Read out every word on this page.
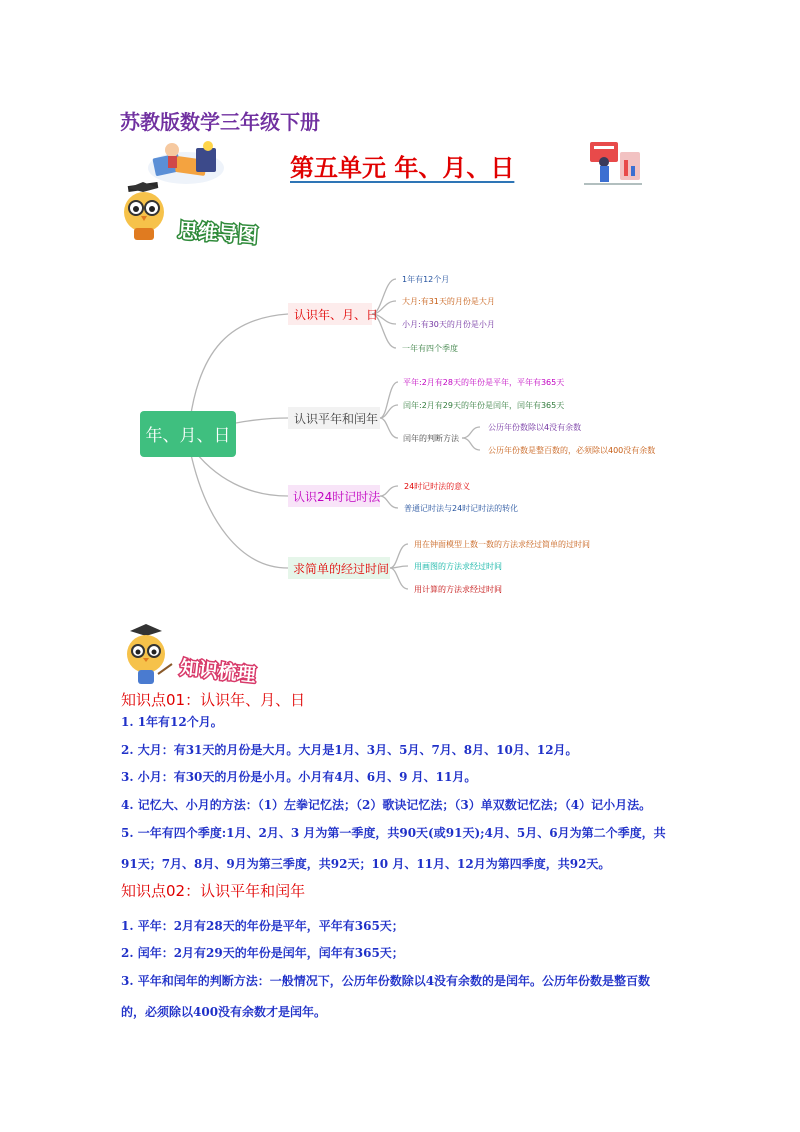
苏教版数学三年级下册
第五单元 年、月、日
思维导图
年、月、日
认识年、月、日
认识平年和闰年
认识24时记时法
求简单的经过时间
1年有12个月
大月:有31天的月份是大月
小月:有30天的月份是小月
一年有四个季度
平年:2月有28天的年份是平年，平年有365天
闰年:2月有29天的年份是闰年，闰年有365天
闰年的判断方法
公历年份数除以4没有余数
公历年份数是整百数的，必须除以400没有余数
24时记时法的意义
普通记时法与24时记时法的转化
用在钟面模型上数一数的方法求经过简单的过时间
用画图的方法求经过时间
用计算的方法求经过时间
知识梳理
知识点01：认识年、月、日
1. 1年有12个月。
2. 大月：有31天的月份是大月。大月是1月、3月、5月、7月、8月、10月、12月。
3. 小月：有30天的月份是小月。小月有4月、6月、9 月、11月。
4. 记忆大、小月的方法：（1）左拳记忆法；（2）歌诀记忆法；（3）单双数记忆法；（4）记小月法。
5. 一年有四个季度:1月、2月、3 月为第一季度，共90天(或91天);4月、5月、6月为第二个季度，共
91天；7月、8月、9月为第三季度，共92天；10 月、11月、12月为第四季度，共92天。
知识点02：认识平年和闰年
1. 平年：2月有28天的年份是平年，平年有365天；
2. 闰年：2月有29天的年份是闰年，闰年有365天；
3. 平年和闰年的判断方法：一般情况下，公历年份数除以4没有余数的是闰年。公历年份数是整百数
的，必须除以400没有余数才是闰年。
